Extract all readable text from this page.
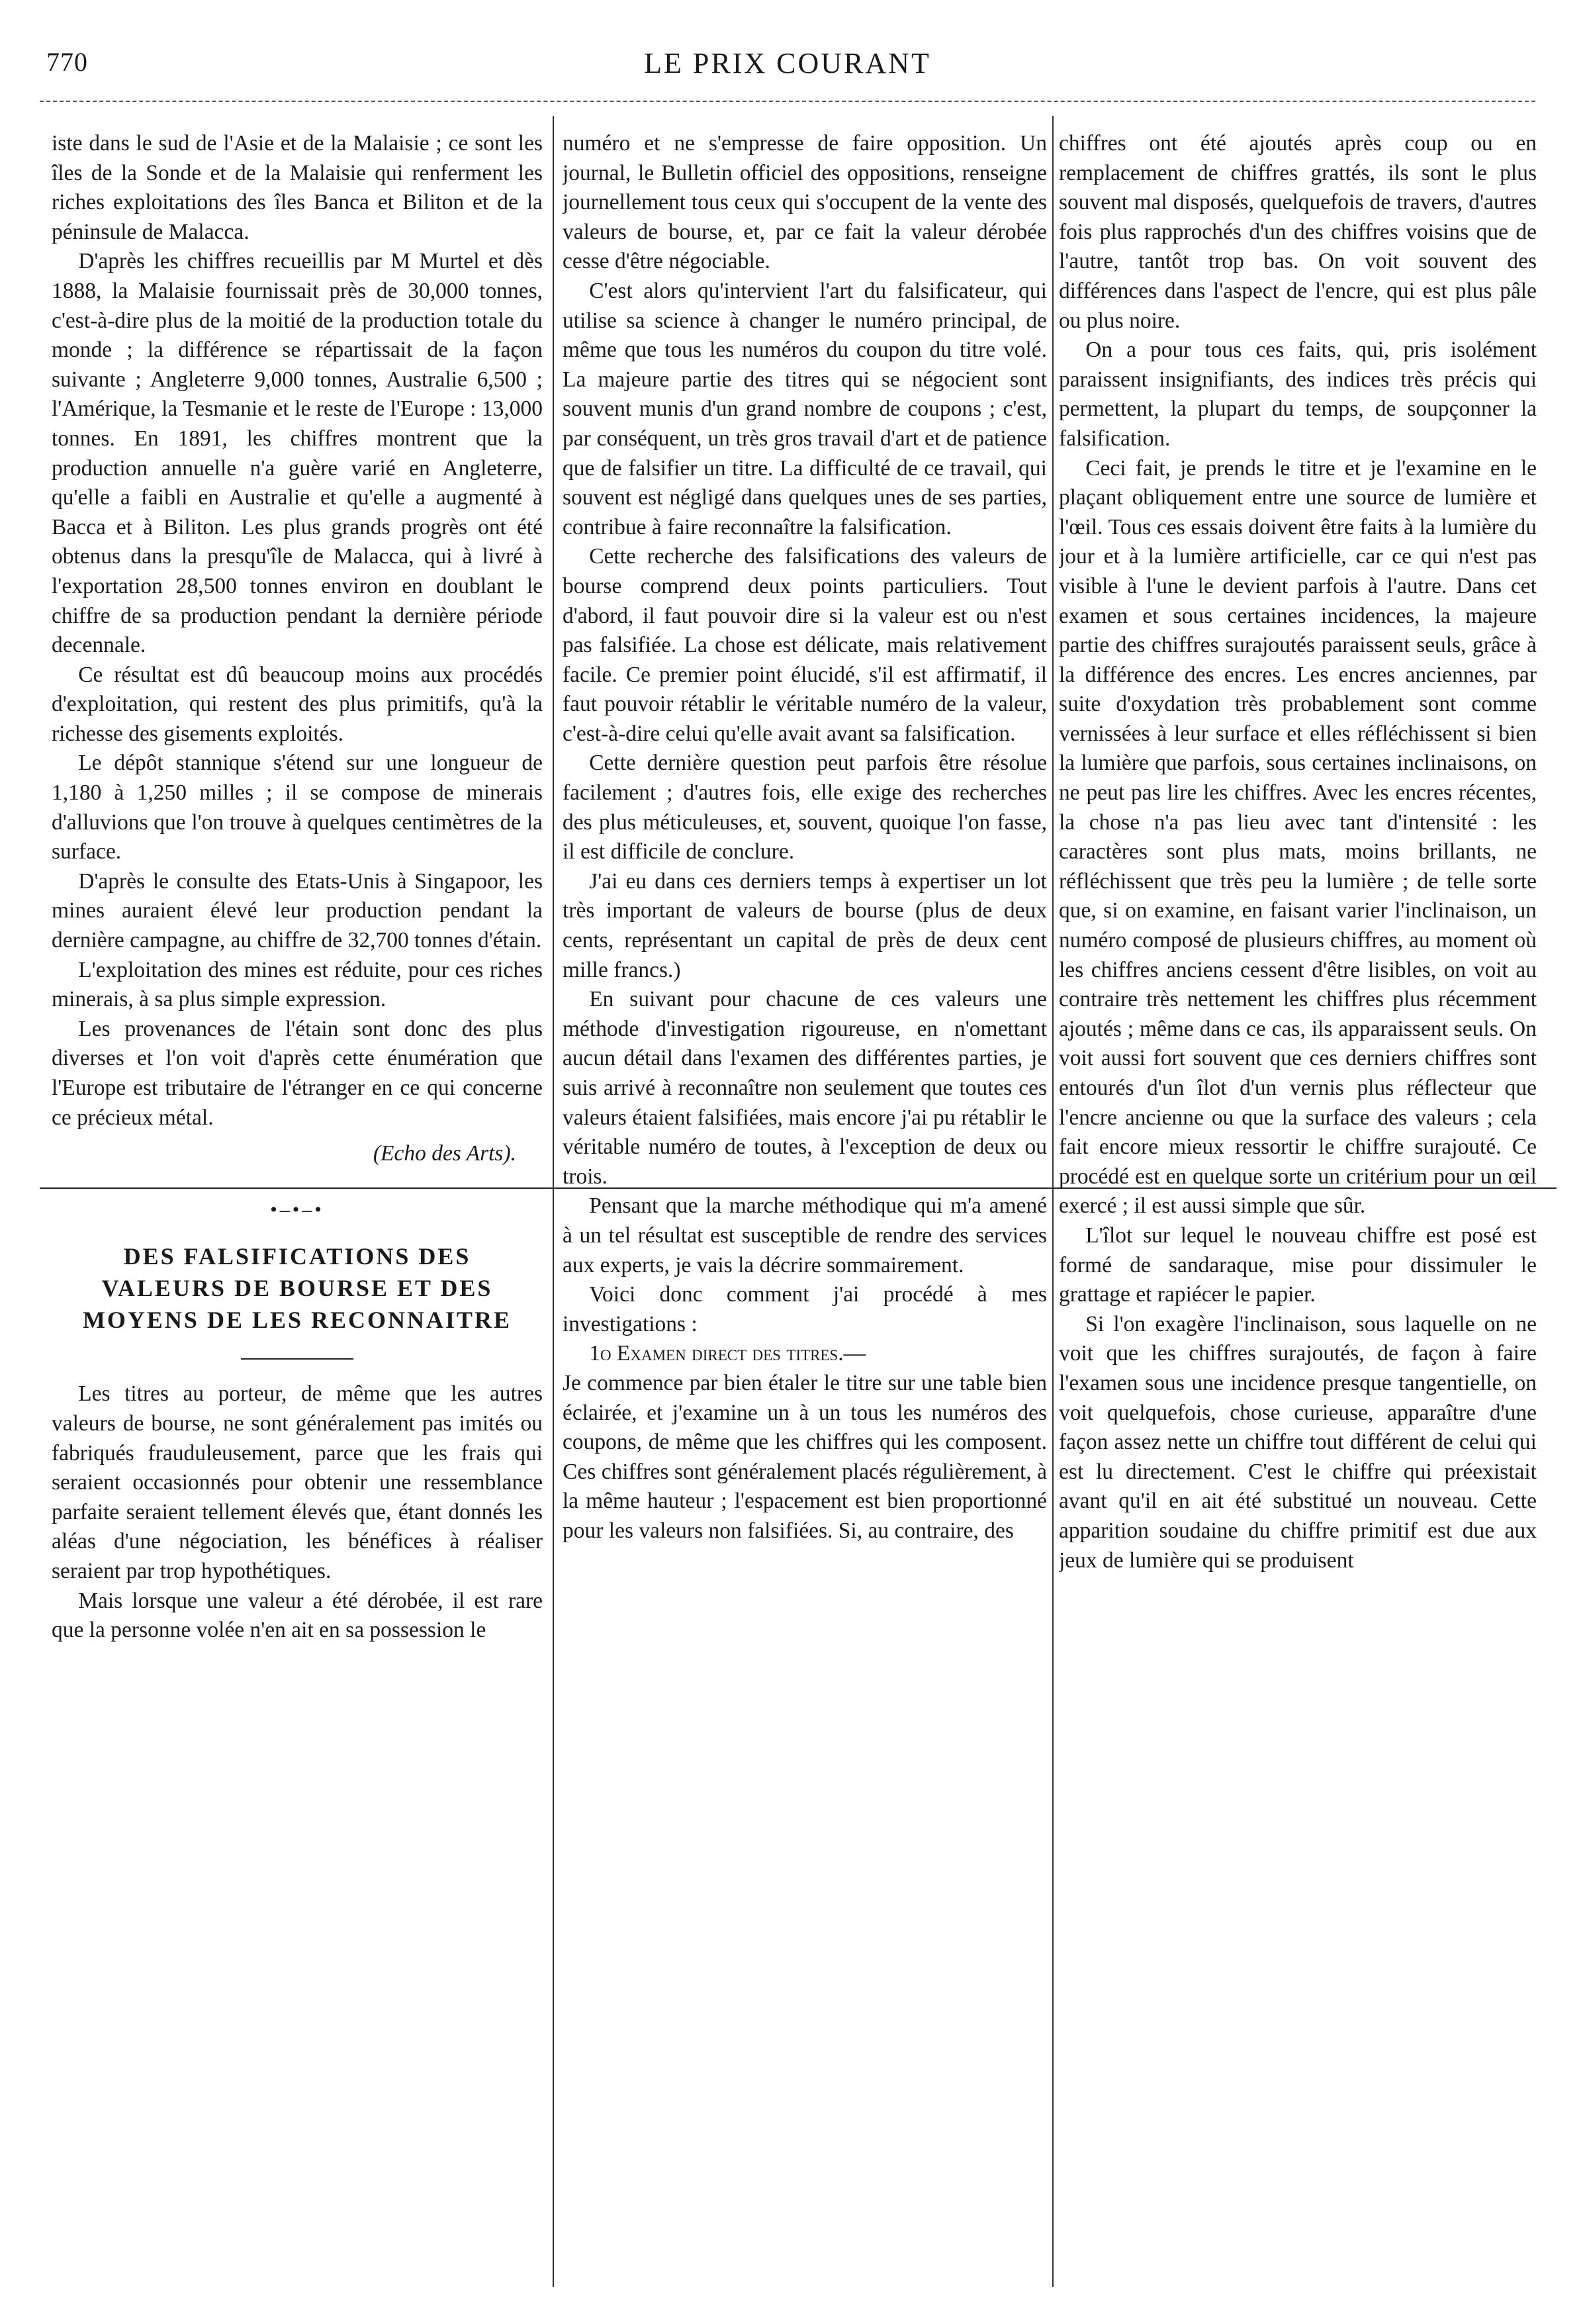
770	LE PRIX COURANT

iste dans le sud de l'Asie et de la Malaisie ; ce sont les îles de la Sonde et de la Malaisie qui renferment les riches exploitations des îles Banca et Biliton et de la péninsule de Malacca.

D'après les chiffres recueillis par M Murtel et dès 1888, la Malaisie fournissait près de 30,000 tonnes, c'est-à-dire plus de la moitié de la production totale du monde ; la différence se répartissait de la façon suivante ; Angleterre 9,000 tonnes, Australie 6,500 ; l'Amérique, la Tesmanie et le reste de l'Europe : 13,000 tonnes. En 1891, les chiffres montrent que la production annuelle n'a guère varié en Angleterre, qu'elle a faibli en Australie et qu'elle a augmenté à Bacca et à Biliton. Les plus grands progrès ont été obtenus dans la presqu'île de Malacca, qui à livré à l'exportation 28,500 tonnes environ en doublant le chiffre de sa production pendant la dernière période decennale.

Ce résultat est dû beaucoup moins aux procédés d'exploitation, qui restent des plus primitifs, qu'à la richesse des gisements exploités.

Le dépôt stannique s'étend sur une longueur de 1,180 à 1,250 milles ; il se compose de minerais d'alluvions que l'on trouve à quelques centimètres de la surface.

D'après le consulte des Etats-Unis à Singapoor, les mines auraient élevé leur production pendant la dernière campagne, au chiffre de 32,700 tonnes d'étain.

L'exploitation des mines est réduite, pour ces riches minerais, à sa plus simple expression.

Les provenances de l'étain sont donc des plus diverses et l'on voit d'après cette énumération que l'Europe est tributaire de l'étranger en ce qui concerne ce précieux métal.

(Echo des Arts).
•–•–•
DES FALSIFICATIONS DES VALEURS DE BOURSE ET DES MOYENS DE LES RECONNAITRE

Les titres au porteur, de même que les autres valeurs de bourse, ne sont généralement pas imités ou fabriqués frauduleusement, parce que les frais qui seraient occasionnés pour obtenir une ressemblance parfaite seraient tellement élevés que, étant donnés les aléas d'une négociation, les bénéfices à réaliser seraient par trop hypothétiques.

Mais lorsque une valeur a été dérobée, il est rare que la personne volée n'en ait en sa possession le

numéro et ne s'empresse de faire opposition. Un journal, le Bulletin officiel des oppositions, renseigne journellement tous ceux qui s'occupent de la vente des valeurs de bourse, et, par ce fait la valeur dérobée cesse d'être négociable.

C'est alors qu'intervient l'art du falsificateur, qui utilise sa science à changer le numéro principal, de même que tous les numéros du coupon du titre volé. La majeure partie des titres qui se négocient sont souvent munis d'un grand nombre de coupons ; c'est, par conséquent, un très gros travail d'art et de patience que de falsifier un titre. La difficulté de ce travail, qui souvent est négligé dans quelques unes de ses parties, contribue à faire reconnaître la falsification.

Cette recherche des falsifications des valeurs de bourse comprend deux points particuliers. Tout d'abord, il faut pouvoir dire si la valeur est ou n'est pas falsifiée. La chose est délicate, mais relativement facile. Ce premier point élucidé, s'il est affirmatif, il faut pouvoir rétablir le véritable numéro de la valeur, c'est-à-dire celui qu'elle avait avant sa falsification.

Cette dernière question peut parfois être résolue facilement ; d'autres fois, elle exige des recherches des plus méticuleuses, et, souvent, quoique l'on fasse, il est difficile de conclure.

J'ai eu dans ces derniers temps à expertiser un lot très important de valeurs de bourse (plus de deux cents, représentant un capital de près de deux cent mille francs.)

En suivant pour chacune de ces valeurs une méthode d'investigation rigoureuse, en n'omettant aucun détail dans l'examen des différentes parties, je suis arrivé à reconnaître non seulement que toutes ces valeurs étaient falsifiées, mais encore j'ai pu rétablir le véritable numéro de toutes, à l'exception de deux ou trois.

Pensant que la marche méthodique qui m'a amené à un tel résultat est susceptible de rendre des services aux experts, je vais la décrire sommairement.

Voici donc comment j'ai procédé à mes investigations :

1o Examen direct des titres.—

Je commence par bien étaler le titre sur une table bien éclairée, et j'examine un à un tous les numéros des coupons, de même que les chiffres qui les composent. Ces chiffres sont généralement placés régulièrement, à la même hauteur ; l'espacement est bien proportionné pour les valeurs non falsifiées. Si, au contraire, des

chiffres ont été ajoutés après coup ou en remplacement de chiffres grattés, ils sont le plus souvent mal disposés, quelquefois de travers, d'autres fois plus rapprochés d'un des chiffres voisins que de l'autre, tantôt trop bas. On voit souvent des différences dans l'aspect de l'encre, qui est plus pâle ou plus noire.

On a pour tous ces faits, qui, pris isolément paraissent insignifiants, des indices très précis qui permettent, la plupart du temps, de soupçonner la falsification.

Ceci fait, je prends le titre et je l'examine en le plaçant obliquement entre une source de lumière et l'œil. Tous ces essais doivent être faits à la lumière du jour et à la lumière artificielle, car ce qui n'est pas visible à l'une le devient parfois à l'autre. Dans cet examen et sous certaines incidences, la majeure partie des chiffres surajoutés paraissent seuls, grâce à la différence des encres. Les encres anciennes, par suite d'oxydation très probablement sont comme vernissées à leur surface et elles réfléchissent si bien la lumière que parfois, sous certaines inclinaisons, on ne peut pas lire les chiffres. Avec les encres récentes, la chose n'a pas lieu avec tant d'intensité : les caractères sont plus mats, moins brillants, ne réfléchissent que très peu la lumière ; de telle sorte que, si on examine, en faisant varier l'inclinaison, un numéro composé de plusieurs chiffres, au moment où les chiffres anciens cessent d'être lisibles, on voit au contraire très nettement les chiffres plus récemment ajoutés ; même dans ce cas, ils apparaissent seuls. On voit aussi fort souvent que ces derniers chiffres sont entourés d'un îlot d'un vernis plus réflecteur que l'encre ancienne ou que la surface des valeurs ; cela fait encore mieux ressortir le chiffre surajouté. Ce procédé est en quelque sorte un critérium pour un œil exercé ; il est aussi simple que sûr.

L'îlot sur lequel le nouveau chiffre est posé est formé de sandaraque, mise pour dissimuler le grattage et rapiécer le papier.

Si l'on exagère l'inclinaison, sous laquelle on ne voit que les chiffres surajoutés, de façon à faire l'examen sous une incidence presque tangentielle, on voit quelquefois, chose curieuse, apparaître d'une façon assez nette un chiffre tout différent de celui qui est lu directement. C'est le chiffre qui préexistait avant qu'il en ait été substitué un nouveau. Cette apparition soudaine du chiffre primitif est due aux jeux de lumière qui se produisent
